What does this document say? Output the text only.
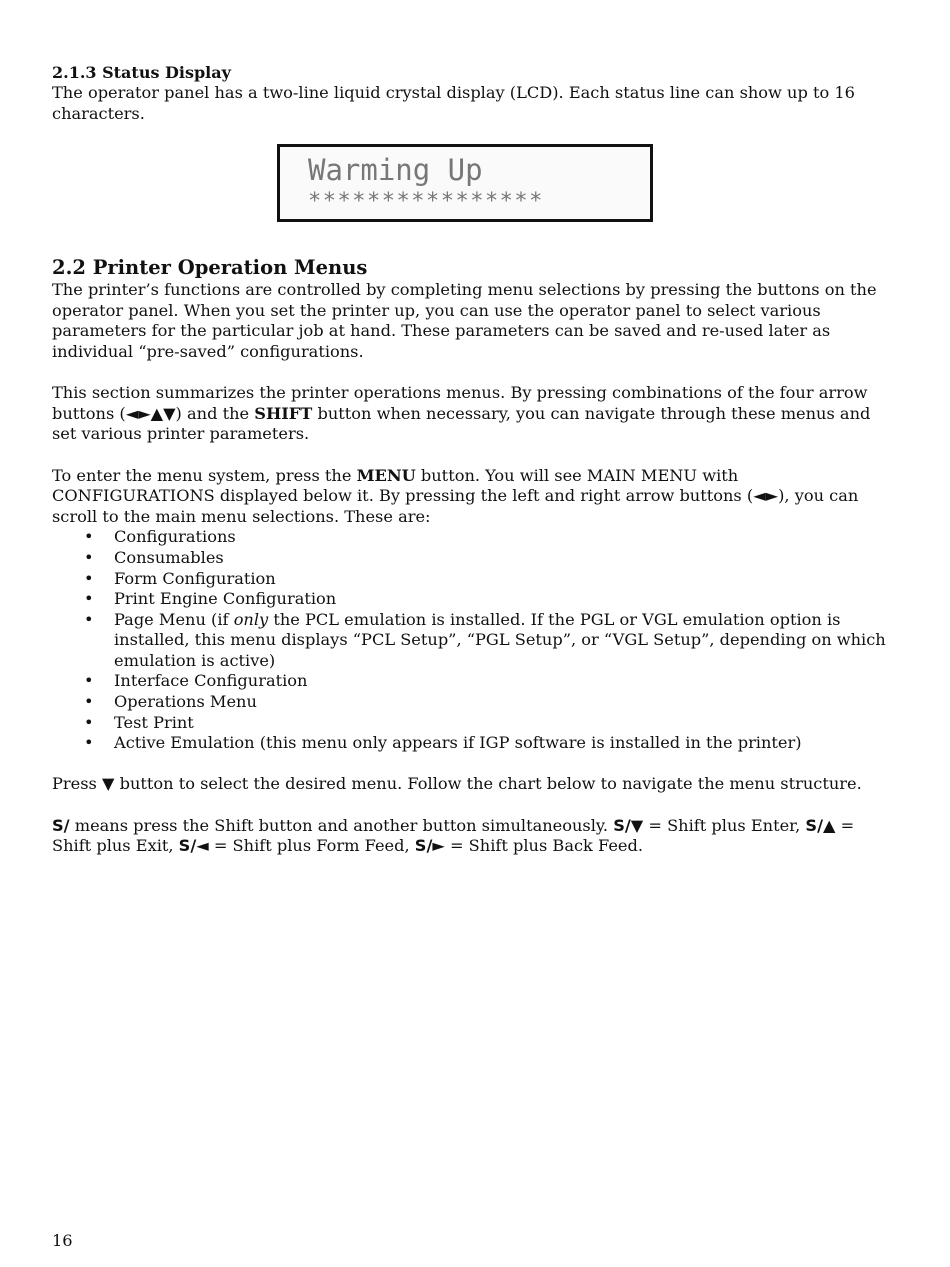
2.1.3 Status Display

The operator panel has a two-line liquid crystal display (LCD). Each status line can show up to 16 characters.

Warming Up
****************
2.2 Printer Operation Menus

The printer’s functions are controlled by completing menu selections by pressing the buttons on the operator panel. When you set the printer up, you can use the operator panel to select various parameters for the particular job at hand. These parameters can be saved and re-used later as individual “pre-saved” configurations.

This section summarizes the printer operations menus. By pressing combinations of the four arrow buttons (◄►▲▼) and the SHIFT button when necessary, you can navigate through these menus and set various printer parameters.

To enter the menu system, press the MENU button. You will see MAIN MENU with CONFIGURATIONS displayed below it. By pressing the left and right arrow buttons (◄►), you can scroll to the main menu selections. These are:

• Configurations
• Consumables
• Form Configuration
• Print Engine Configuration
• Page Menu (if only the PCL emulation is installed. If the PGL or VGL emulation option is installed, this menu displays “PCL Setup”, “PGL Setup”, or “VGL Setup”, depending on which emulation is active)
• Interface Configuration
• Operations Menu
• Test Print
• Active Emulation (this menu only appears if IGP software is installed in the printer)

Press ▼ button to select the desired menu. Follow the chart below to navigate the menu structure.

S/ means press the Shift button and another button simultaneously. S/▼ = Shift plus Enter, S/▲ = Shift plus Exit, S/◄ = Shift plus Form Feed, S/► = Shift plus Back Feed.

16
